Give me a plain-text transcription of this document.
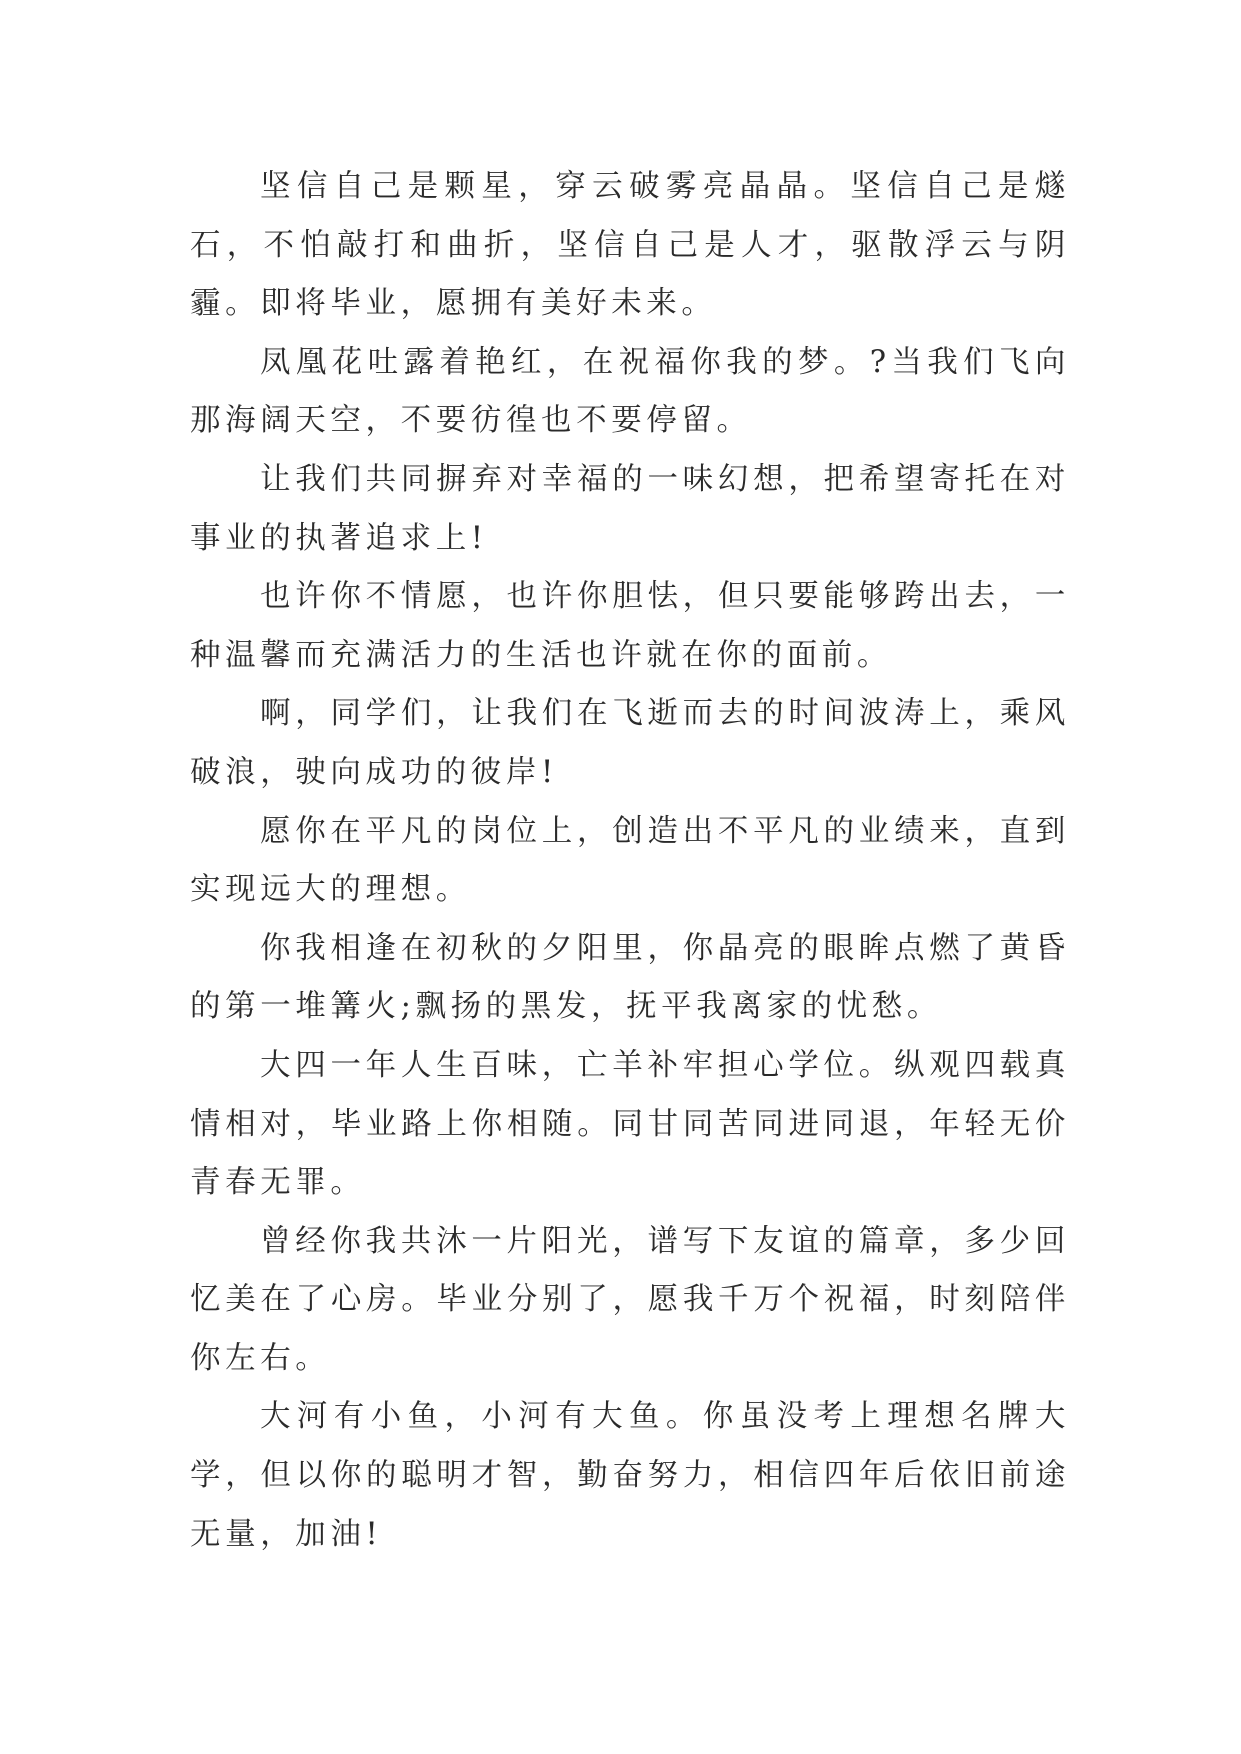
坚信自己是颗星，穿云破雾亮晶晶。坚信自己是燧石，不怕敲打和曲折，坚信自己是人才，驱散浮云与阴霾。即将毕业，愿拥有美好未来。

凤凰花吐露着艳红，在祝福你我的梦。?当我们飞向那海阔天空，不要彷徨也不要停留。

让我们共同摒弃对幸福的一味幻想，把希望寄托在对事业的执著追求上!

也许你不情愿，也许你胆怯，但只要能够跨出去，一种温馨而充满活力的生活也许就在你的面前。

啊，同学们，让我们在飞逝而去的时间波涛上，乘风破浪，驶向成功的彼岸!

愿你在平凡的岗位上，创造出不平凡的业绩来，直到实现远大的理想。

你我相逢在初秋的夕阳里，你晶亮的眼眸点燃了黄昏的第一堆篝火;飘扬的黑发，抚平我离家的忧愁。

大四一年人生百味，亡羊补牢担心学位。纵观四载真情相对，毕业路上你相随。同甘同苦同进同退，年轻无价青春无罪。

曾经你我共沐一片阳光，谱写下友谊的篇章，多少回忆美在了心房。毕业分别了，愿我千万个祝福，时刻陪伴你左右。

大河有小鱼，小河有大鱼。你虽没考上理想名牌大学，但以你的聪明才智，勤奋努力，相信四年后依旧前途无量，加油!
